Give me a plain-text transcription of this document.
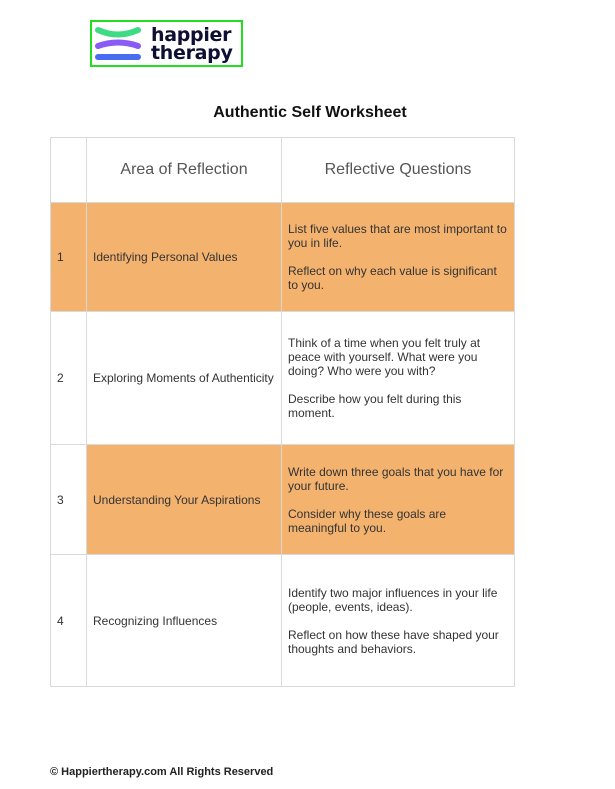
happier
therapy
Authentic Self Worksheet
	Area of Reflection	Reflective Questions
1	Identifying Personal Values	List five values that are most important to you in life.

Reflect on why each value is significant to you.

2	Exploring Moments of Authenticity	Think of a time when you felt truly at peace with yourself. What were you doing? Who were you with?

Describe how you felt during this moment.

3	Understanding Your Aspirations	Write down three goals that you have for your future.

Consider why these goals are meaningful to you.

4	Recognizing Influences	Identify two major influences in your life (people, events, ideas).

Reflect on how these have shaped your thoughts and behaviors.

© Happiertherapy.com All Rights Reserved
